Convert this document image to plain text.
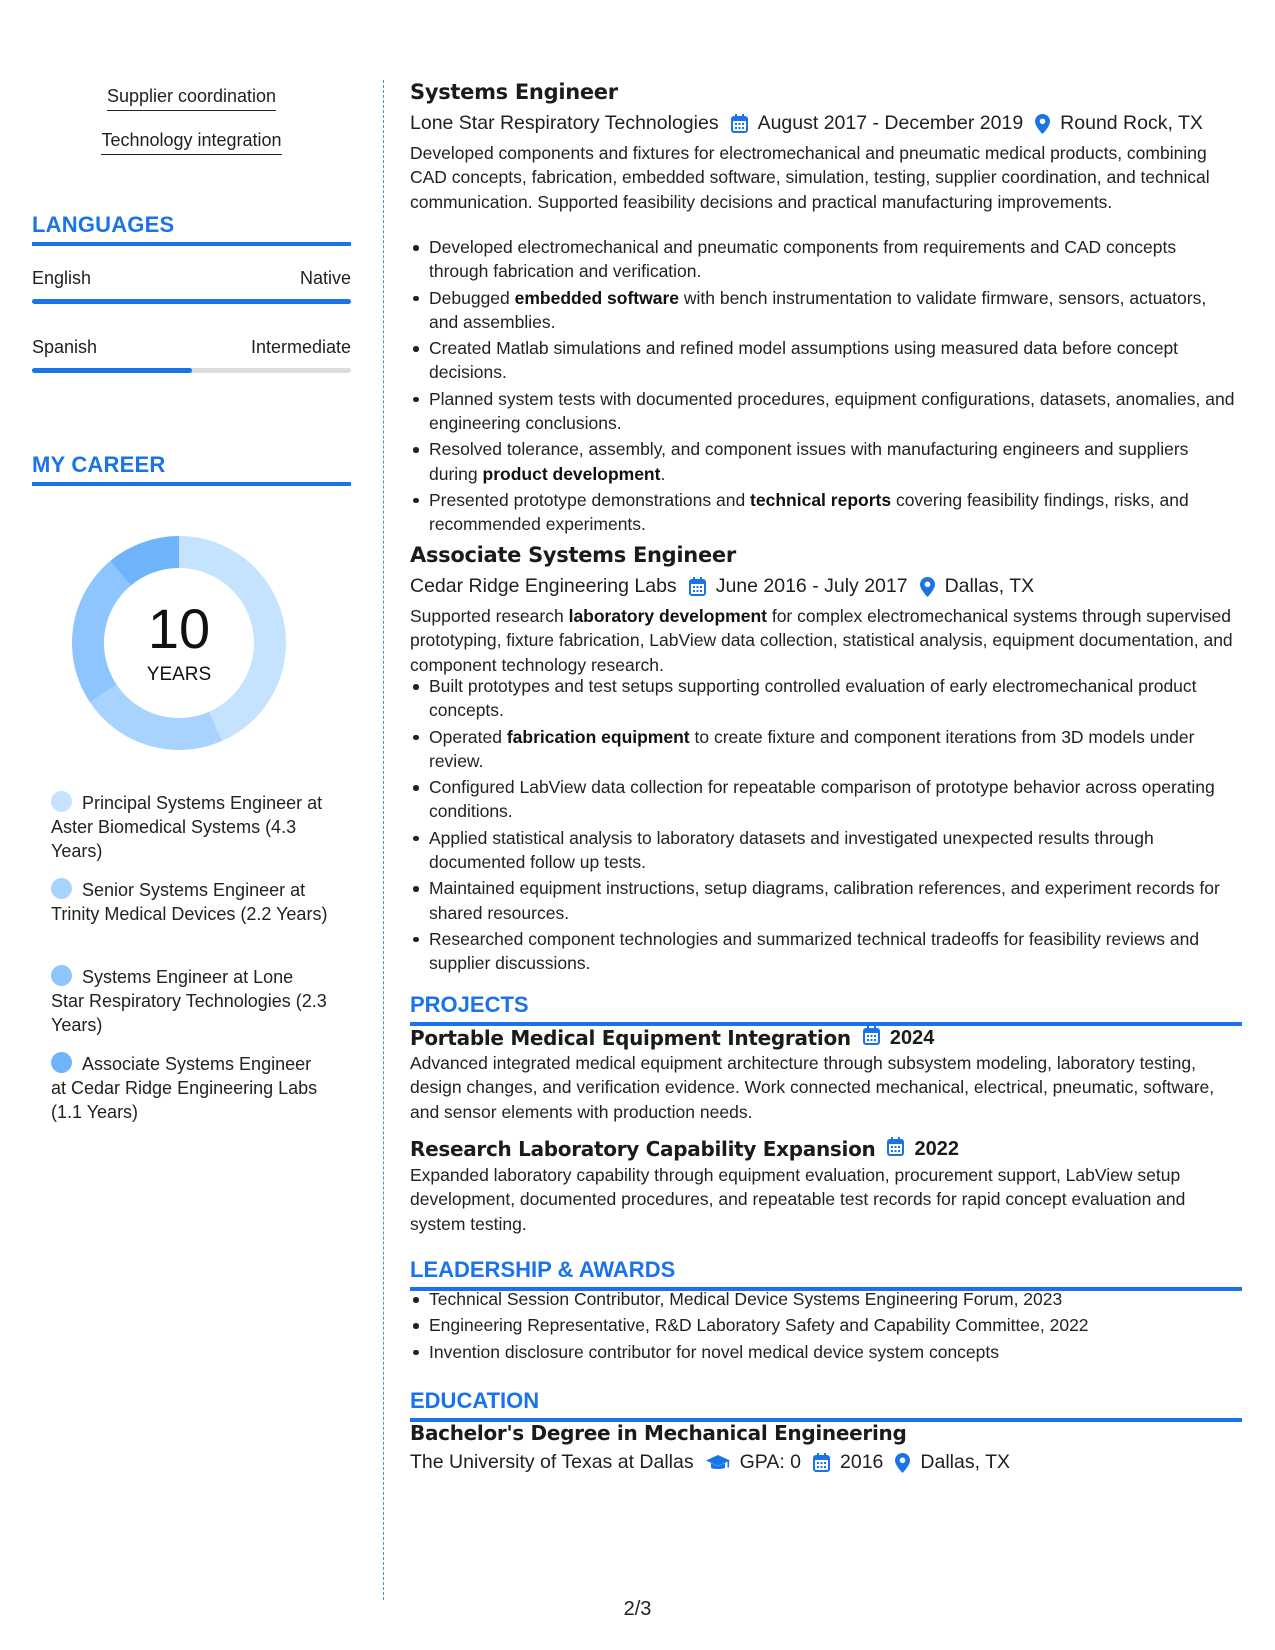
Supplier coordination
Technology integration
LANGUAGES
English	Native
Spanish	Intermediate
MY CAREER
10
YEARS
Principal Systems Engineer at Aster Biomedical Systems (4.3 Years)
Senior Systems Engineer at Trinity Medical Devices (2.2 Years)
Systems Engineer at Lone Star Respiratory Technologies (2.3 Years)
Associate Systems Engineer at Cedar Ridge Engineering Labs (1.1 Years)
Systems Engineer
Lone Star Respiratory Technologies August 2017 - December 2019 Round Rock, TX
Developed components and fixtures for electromechanical and pneumatic medical products, combining CAD concepts, fabrication, embedded software, simulation, testing, supplier coordination, and technical communication. Supported feasibility decisions and practical manufacturing improvements.
Developed electromechanical and pneumatic components from requirements and CAD concepts through fabrication and verification.
Debugged embedded software with bench instrumentation to validate firmware, sensors, actuators, and assemblies.
Created Matlab simulations and refined model assumptions using measured data before concept decisions.
Planned system tests with documented procedures, equipment configurations, datasets, anomalies, and engineering conclusions.
Resolved tolerance, assembly, and component issues with manufacturing engineers and suppliers during product development.
Presented prototype demonstrations and technical reports covering feasibility findings, risks, and recommended experiments.
Associate Systems Engineer
Cedar Ridge Engineering Labs June 2016 - July 2017 Dallas, TX
Supported research laboratory development for complex electromechanical systems through supervised prototyping, fixture fabrication, LabView data collection, statistical analysis, equipment documentation, and component technology research.
Built prototypes and test setups supporting controlled evaluation of early electromechanical product concepts.
Operated fabrication equipment to create fixture and component iterations from 3D models under review.
Configured LabView data collection for repeatable comparison of prototype behavior across operating conditions.
Applied statistical analysis to laboratory datasets and investigated unexpected results through documented follow up tests.
Maintained equipment instructions, setup diagrams, calibration references, and experiment records for shared resources.
Researched component technologies and summarized technical tradeoffs for feasibility reviews and supplier discussions.
PROJECTS
Portable Medical Equipment Integration 2024
Advanced integrated medical equipment architecture through subsystem modeling, laboratory testing, design changes, and verification evidence. Work connected mechanical, electrical, pneumatic, software, and sensor elements with production needs.
Research Laboratory Capability Expansion 2022
Expanded laboratory capability through equipment evaluation, procurement support, LabView setup development, documented procedures, and repeatable test records for rapid concept evaluation and system testing.
LEADERSHIP & AWARDS
Technical Session Contributor, Medical Device Systems Engineering Forum, 2023
Engineering Representative, R&D Laboratory Safety and Capability Committee, 2022
Invention disclosure contributor for novel medical device system concepts
EDUCATION
Bachelor's Degree in Mechanical Engineering
The University of Texas at Dallas GPA: 0 2016 Dallas, TX
2/3
